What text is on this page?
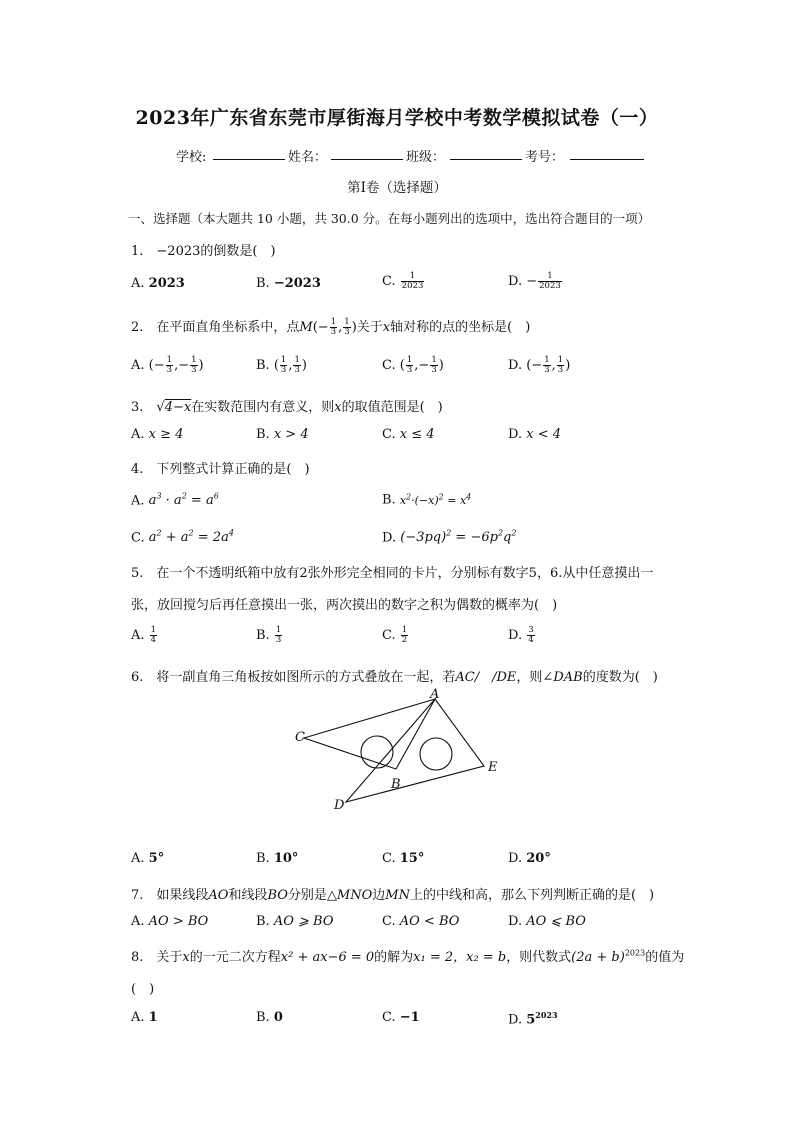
2023年广东省东莞市厚街海月学校中考数学模拟试卷（一）
学校:	姓名：	班级：	考号：
第Ⅰ卷（选择题）
一、选择题（本大题共 10 小题，共 30.0 分。在每小题列出的选项中，选出符合题目的一项）
1.　−2023的倒数是(　)
A. 2023	B. −2023	C. $\frac{1}{2023}$	D. − $\frac{1}{2023}$
2.　在平面直角坐标系中，点$M(- \frac{1}{3}$ , $\frac{1}{3}$ )关于x轴对称的点的坐标是(　)
A. (− $\frac{1}{3}$ ,− $\frac{1}{3}$ )	B. ( $\frac{1}{3}$ , $\frac{1}{3}$ )	C. ( $\frac{1}{3}$ ,− $\frac{1}{3}$ )	D. (− $\frac{1}{3}$ , $\frac{1}{3}$ )
3.　 √4−x在实数范围内有意义，则x的取值范围是(　)
A. x ≥ 4	B. x > 4	C. x ≤ 4	D. x < 4
4.　下列整式计算正确的是(　)
A. $a^3 \cdot a^2 = a^6$	B. $x^2\cdot(-x)^2 = x^4$
C. $a^2 + a^2 = 2a^4$	D. $(-3pq)^2 = -6p^2q^2$
5.　在一个不透明纸箱中放有2张外形完全相同的卡片，分别标有数字5，6.从中任意摸出一
张，放回搅匀后再任意摸出一张，两次摸出的数字之积为偶数的概率为(　)
A. $\frac{1}{4}$	B. $\frac{1}{3}$	C. $\frac{1}{2}$	D. $\frac{3}{4}$
6.　将一副直角三角板按如图所示的方式叠放在一起，若AC/　/DE，则∠DAB的度数为(　)
A
C
B
D
E
A. 5°	B. 10°	C. 15°	D. 20°
7.　如果线段AO和线段BO分别是△MNO边MN上的中线和高，那么下列判断正确的是(　)
A. AO > BO	B. AO ⩾ BO	C. AO < BO	D. AO ⩽ BO
8.　关于x的一元二次方程x² + ax−6 = 0的解为x₁ = 2，x₂ = b，则代数式$(2a + b)^{2023}$的值为
(　)
A. 1	B. 0	C. −1	D. $5^{2023}$
